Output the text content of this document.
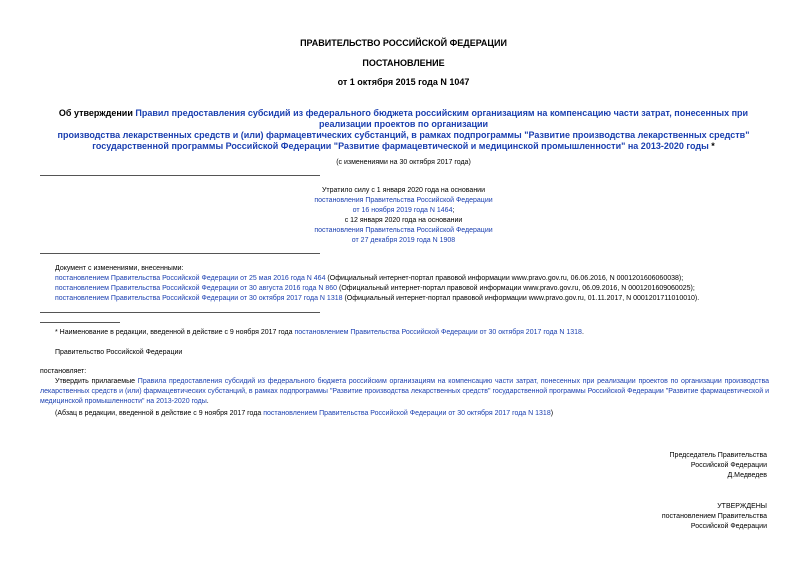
ПРАВИТЕЛЬСТВО РОССИЙСКОЙ ФЕДЕРАЦИИ
ПОСТАНОВЛЕНИЕ
от 1 октября 2015 года N 1047
Об утверждении Правил предоставления субсидий из федерального бюджета российским организациям на компенсацию части затрат, понесенных при
реализации проектов по организации
производства лекарственных средств и (или) фармацевтических субстанций, в рамках подпрограммы "Развитие производства лекарственных средств"
государственной программы Российской Федерации "Развитие фармацевтической и медицинской промышленности" на 2013-2020 годы *
(с изменениями на 30 октября 2017 года)
Утратило силу с 1 января 2020 года на основании
постановления Правительства Российской Федерации
от 16 ноября 2019 года N 1464;
с 12 января 2020 года на основании
постановления Правительства Российской Федерации
от 27 декабря 2019 года N 1908
Документ с изменениями, внесенными:
постановлением Правительства Российской Федерации от 25 мая 2016 года N 464 (Официальный интернет-портал правовой информации www.pravo.gov.ru, 06.06.2016, N 0001201606060038);
постановлением Правительства Российской Федерации от 30 августа 2016 года N 860 (Официальный интернет-портал правовой информации www.pravo.gov.ru, 06.09.2016, N 0001201609060025);
постановлением Правительства Российской Федерации от 30 октября 2017 года N 1318 (Официальный интернет-портал правовой информации www.pravo.gov.ru, 01.11.2017, N 0001201711010010).
* Наименование в редакции, введенной в действие с 9 ноября 2017 года постановлением Правительства Российской Федерации от 30 октября 2017 года N 1318.
Правительство Российской Федерации
постановляет:
Утвердить прилагаемые Правила предоставления субсидий из федерального бюджета российским организациям на компенсацию части затрат, понесенных при реализации проектов по организации производства лекарственных средств и (или) фармацевтических субстанций, в рамках подпрограммы "Развитие производства лекарственных средств" государственной программы Российской Федерации "Развитие фармацевтической и медицинской промышленности" на 2013-2020 годы.
(Абзац в редакции, введенной в действие с 9 ноября 2017 года постановлением Правительства Российской Федерации от 30 октября 2017 года N 1318)
Председатель Правительства
Российской Федерации
Д.Медведев
УТВЕРЖДЕНЫ
постановлением Правительства
Российской Федерации
